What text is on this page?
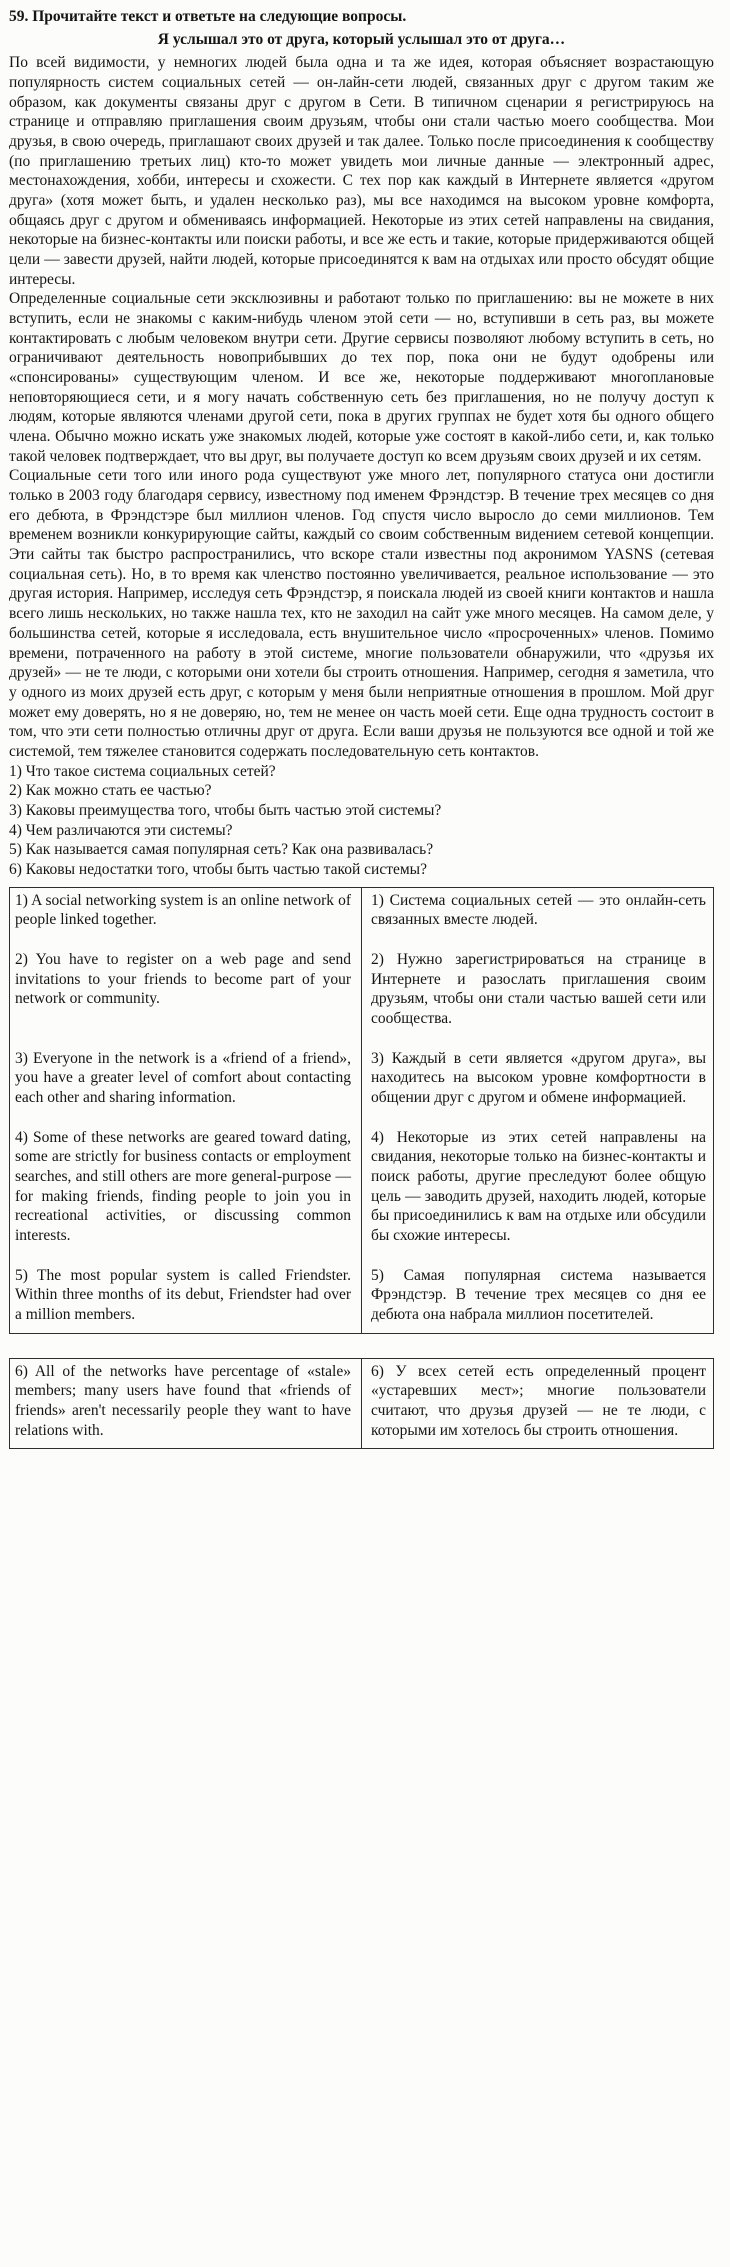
59. Прочитайте текст и ответьте на следующие вопросы.

Я услышал это от друга, который услышал это от друга…

По всей видимости, у немногих людей была одна и та же идея, которая объясняет возрастающую популярность систем социальных сетей — он-лайн-сети людей, связанных друг с другом таким же образом, как документы связаны друг с другом в Сети. В типичном сценарии я регистрируюсь на странице и отправляю приглашения своим друзьям, чтобы они стали частью моего сообщества. Мои друзья, в свою очередь, приглашают своих друзей и так далее. Только после присоединения к сообществу (по приглашению третьих лиц) кто-то может увидеть мои личные данные — электронный адрес, местонахождения, хобби, интересы и схожести. С тех пор как каждый в Интернете является «другом друга» (хотя может быть, и удален несколько раз), мы все находимся на высоком уровне комфорта, общаясь друг с другом и обмениваясь информацией. Некоторые из этих сетей направлены на свидания, некоторые на бизнес-контакты или поиски работы, и все же есть и такие, которые придерживаются общей цели — завести друзей, найти людей, которые присоединятся к вам на отдыхах или просто обсудят общие интересы.

Определенные социальные сети эксклюзивны и работают только по приглашению: вы не можете в них вступить, если не знакомы с каким-нибудь членом этой сети — но, вступивши в сеть раз, вы можете контактировать с любым человеком внутри сети. Другие сервисы позволяют любому вступить в сеть, но ограничивают деятельность новоприбывших до тех пор, пока они не будут одобрены или «спонсированы» существующим членом. И все же, некоторые поддерживают многоплановые неповторяющиеся сети, и я могу начать собственную сеть без приглашения, но не получу доступ к людям, которые являются членами другой сети, пока в других группах не будет хотя бы одного общего члена. Обычно можно искать уже знакомых людей, которые уже состоят в какой-либо сети, и, как только такой человек подтверждает, что вы друг, вы получаете доступ ко всем друзьям своих друзей и их сетям.

Социальные сети того или иного рода существуют уже много лет, популярного статуса они достигли только в 2003 году благодаря сервису, известному под именем Фрэндстэр. В течение трех месяцев со дня его дебюта, в Фрэндстэре был миллион членов. Год спустя число выросло до семи миллионов. Тем временем возникли конкурирующие сайты, каждый со своим собственным видением сетевой концепции. Эти сайты так быстро распространились, что вскоре стали известны под акронимом YASNS (сетевая социальная сеть). Но, в то время как членство постоянно увеличивается, реальное использование — это другая история. Например, исследуя сеть Фрэндстэр, я поискала людей из своей книги контактов и нашла всего лишь нескольких, но также нашла тех, кто не заходил на сайт уже много месяцев. На самом деле, у большинства сетей, которые я исследовала, есть внушительное число «просроченных» членов. Помимо времени, потраченного на работу в этой системе, многие пользователи обнаружили, что «друзья их друзей» — не те люди, с которыми они хотели бы строить отношения. Например, сегодня я заметила, что у одного из моих друзей есть друг, с которым у меня были неприятные отношения в прошлом. Мой друг может ему доверять, но я не доверяю, но, тем не менее он часть моей сети. Еще одна трудность состоит в том, что эти сети полностью отличны друг от друга. Если ваши друзья не пользуются все одной и той же системой, тем тяжелее становится содержать последовательную сеть контактов.

1) Что такое система социальных сетей?

2) Как можно стать ее частью?

3) Каковы преимущества того, чтобы быть частью этой системы?

4) Чем различаются эти системы?

5) Как называется самая популярная сеть? Как она развивалась?

6) Каковы недостатки того, чтобы быть частью такой системы?

1) A social networking system is an online network of people linked together.	1) Система социальных сетей — это онлайн-сеть связанных вместе людей.
2) You have to register on a web page and send invitations to your friends to become part of your network or community.	2) Нужно зарегистрироваться на странице в Интернете и разослать приглашения своим друзьям, чтобы они стали частью вашей сети или сообщества.
3) Everyone in the network is a «friend of a friend», you have a greater level of comfort about contacting each other and sharing information.	3) Каждый в сети является «другом друга», вы находитесь на высоком уровне комфортности в общении друг с другом и обмене информацией.
4) Some of these networks are geared toward dating, some are strictly for business contacts or employment searches, and still others are more general-purpose — for making friends, finding people to join you in recreational activities, or discussing common interests.	4) Некоторые из этих сетей направлены на свидания, некоторые только на бизнес-контакты и поиск работы, другие преследуют более общую цель — заводить друзей, находить людей, которые бы присоединились к вам на отдыхе или обсудили бы схожие интересы.
5) The most popular system is called Friendster. Within three months of its debut, Friendster had over a million members.	5) Самая популярная система называется Фрэндстэр. В течение трех месяцев со дня ее дебюта она набрала миллион посетителей.
6) All of the networks have percentage of «stale» members; many users have found that «friends of friends» aren't necessarily people they want to have relations with.	6) У всех сетей есть определенный процент «устаревших мест»; многие пользователи считают, что друзья друзей — не те люди, с которыми им хотелось бы строить отношения.
